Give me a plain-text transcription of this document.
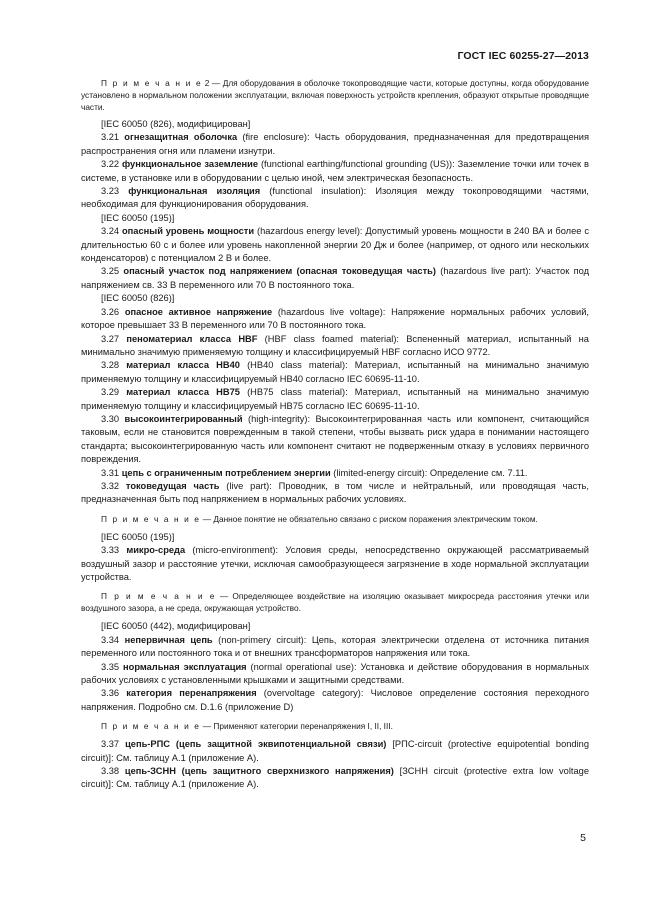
ГОСТ IEC 60255-27—2013

П р и м е ч а н и е 2 — Для оборудования в оболочке токопроводящие части, которые доступны, когда оборудование установлено в нормальном положении эксплуатации, включая поверхность устройств крепления, образуют открытые проводящие части.

[IEC 60050 (826), модифицирован]

3.21 огнезащитная оболочка (fire enclosure): Часть оборудования, предназначенная для предотвращения распространения огня или пламени изнутри.

3.22 функциональное заземление (functional earthing/functional grounding (US)): Заземление точки или точек в системе, в установке или в оборудовании с целью иной, чем электрическая безопасность.

3.23 функциональная изоляция (functional insulation): Изоляция между токопроводящими частями, необходимая для функционирования оборудования.

[IEC 60050 (195)]

3.24 опасный уровень мощности (hazardous energy level): Допустимый уровень мощности в 240 ВА и более с длительностью 60 с и более или уровень накопленной энергии 20 Дж и более (например, от одного или нескольких конденсаторов) с потенциалом 2 В и более.

3.25 опасный участок под напряжением (опасная токоведущая часть) (hazardous live part): Участок под напряжением св. 33 В переменного или 70 В постоянного тока.

[IEC 60050 (826)]

3.26 опасное активное напряжение (hazardous live voltage): Напряжение нормальных рабочих условий, которое превышает 33 В переменного или 70 В постоянного тока.

3.27 пеноматериал класса HBF (HBF class foamed material): Вспененный материал, испытанный на минимально значимую применяемую толщину и классифицируемый HBF согласно ИСО 9772.

3.28 материал класса HB40 (HB40 class material): Материал, испытанный на минимально значимую применяемую толщину и классифицируемый HB40 согласно IEC 60695-11-10.

3.29 материал класса HB75 (HB75 class material): Материал, испытанный на минимально значимую применяемую толщину и классифицируемый HB75 согласно IEC 60695-11-10.

3.30 высокоинтегрированный (high-integrity): Высокоинтегрированная часть или компонент, считающийся таковым, если не становится поврежденным в такой степени, чтобы вызвать риск удара в понимании настоящего стандарта; высокоинтегрированную часть или компонент считают не подверженным отказу в условиях первичного повреждения.

3.31 цепь с ограниченным потреблением энергии (limited-energy circuit): Определение см. 7.11.

3.32 токоведущая часть (live part): Проводник, в том числе и нейтральный, или проводящая часть, предназначенная быть под напряжением в нормальных рабочих условиях.

П р и м е ч а н и е — Данное понятие не обязательно связано с риском поражения электрическим током.

[IEC 60050 (195)]

3.33 микро-среда (micro-environment): Условия среды, непосредственно окружающей рассматриваемый воздушный зазор и расстояние утечки, исключая самообразующееся загрязнение в ходе нормальной эксплуатации устройства.

П р и м е ч а н и е — Определяющее воздействие на изоляцию оказывает микросреда расстояния утечки или воздушного зазора, а не среда, окружающая устройство.

[IEC 60050 (442), модифицирован]

3.34 непервичная цепь (non-primery circuit): Цепь, которая электрически отделена от источника питания переменного или постоянного тока и от внешних трансформаторов напряжения или тока.

3.35 нормальная эксплуатация (normal operational use): Установка и действие оборудования в нормальных рабочих условиях с установленными крышками и защитными средствами.

3.36 категория перенапряжения (overvoltage category): Числовое определение состояния переходного напряжения. Подробно см. D.1.6 (приложение D)

П р и м е ч а н и е — Применяют категории перенапряжения I, II, III.

3.37 цепь-РПС (цепь защитной эквипотенциальной связи) [РПС-circuit (protective equipotential bonding circuit)]: См. таблицу А.1 (приложение А).

3.38 цепь-ЗСНН (цепь защитного сверхнизкого напряжения) [ЗСНН circuit (protective extra low voltage circuit)]: См. таблицу А.1 (приложение А).

5
